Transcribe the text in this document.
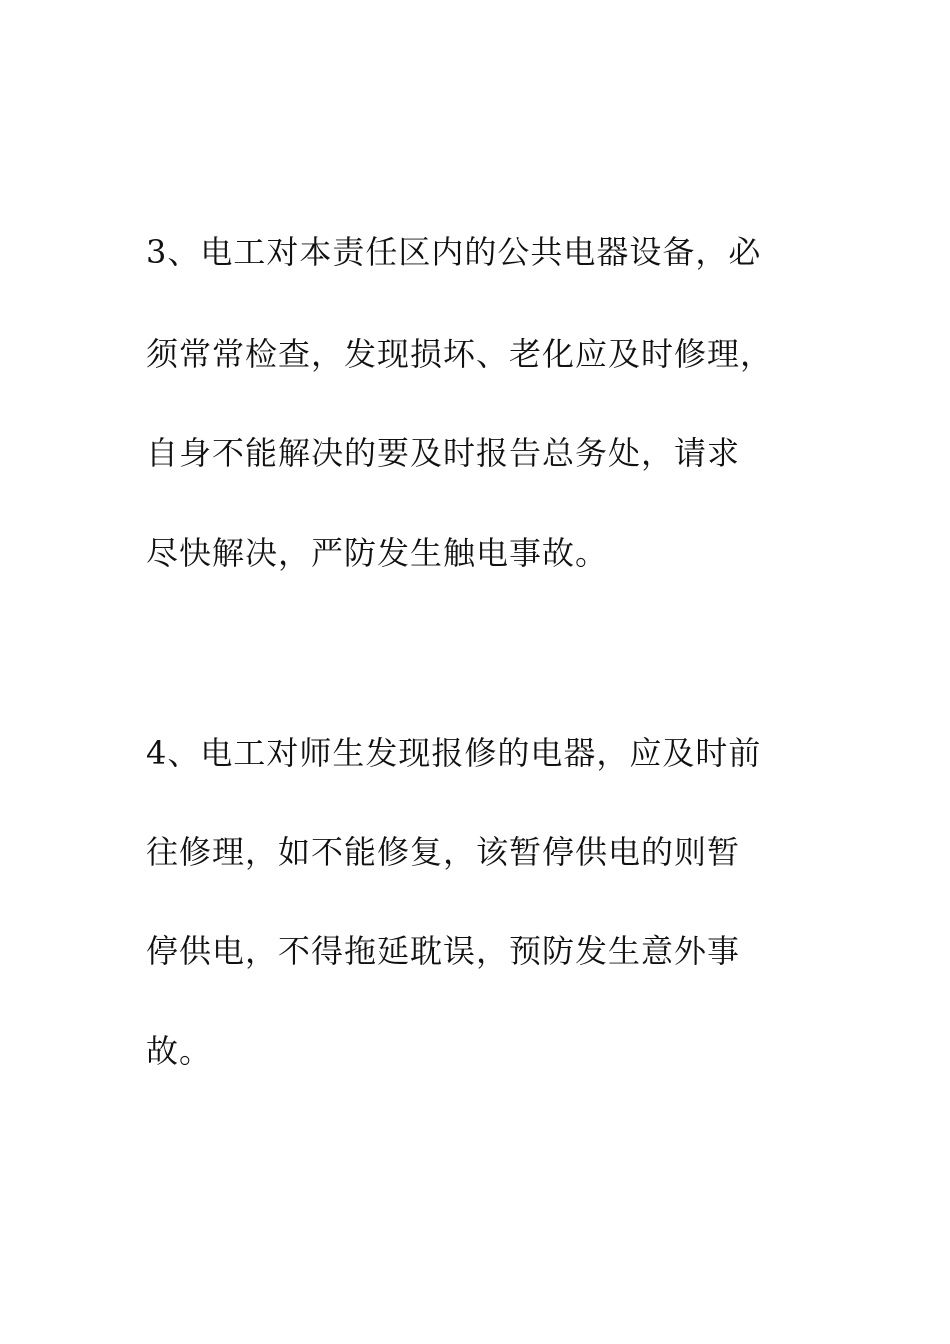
3、电工对本责任区内的公共电器设备，必
须常常检查，发现损坏、老化应及时修理，
自身不能解决的要及时报告总务处，请求
尽快解决，严防发生触电事故。
4、电工对师生发现报修的电器，应及时前
往修理，如不能修复，该暂停供电的则暂
停供电，不得拖延耽误，预防发生意外事
故。
